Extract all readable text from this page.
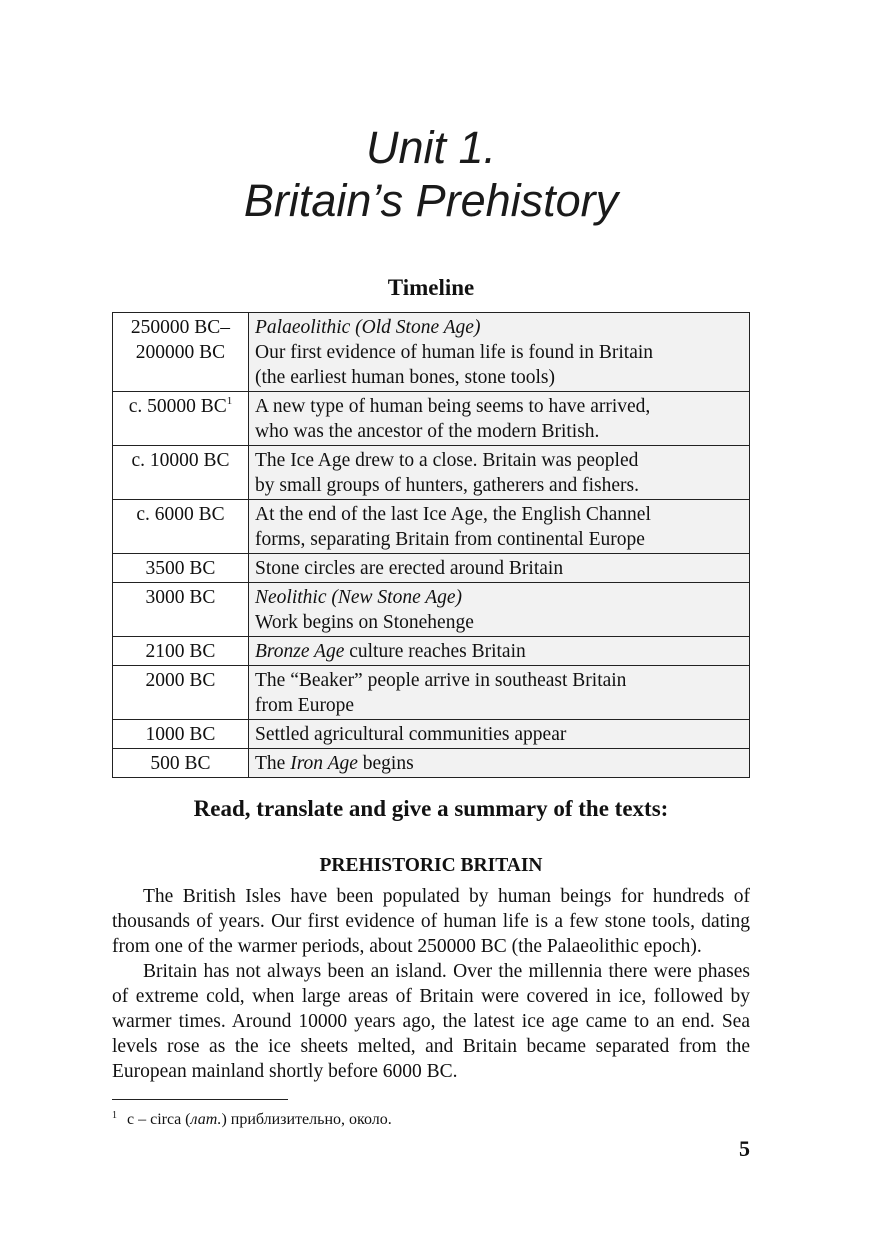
Unit 1.
Britain’s Prehistory
Timeline
250000 BC–
200000 BC	Palaeolithic (Old Stone Age)
Our first evidence of human life is found in Britain
(the earliest human bones, stone tools)

c. 50000 BC$^1$	A new type of human being seems to have arrived,
who was the ancestor of the modern British.

c. 10000 BC	The Ice Age drew to a close. Britain was peopled
by small groups of hunters, gatherers and fishers.

c. 6000 BC	At the end of the last Ice Age, the English Channel
forms, separating Britain from continental Europe

3500 BC	Stone circles are erected around Britain

3000 BC	Neolithic (New Stone Age)
Work begins on Stonehenge

2100 BC	Bronze Age culture reaches Britain

2000 BC	The “Beaker” people arrive in southeast Britain
from Europe

1000 BC	Settled agricultural communities appear

500 BC	The Iron Age begins
Read, translate and give a summary of the texts:
PREHISTORIC BRITAIN

The British Isles have been populated by human beings for hundreds of thousands of years. Our first evidence of human life is a few stone tools, dating from one of the warmer periods, about 250000 BC (the Palaeolithic epoch).

Britain has not always been an island. Over the millennia there were phases of extreme cold, when large areas of Britain were covered in ice, followed by warmer times. Around 10000 years ago, the latest ice age came to an end. Sea levels rose as the ice sheets melted, and Britain became separated from the European mainland shortly before 6000 BC.

$^1$ c – circa (лат.) приблизительно, около.
5
